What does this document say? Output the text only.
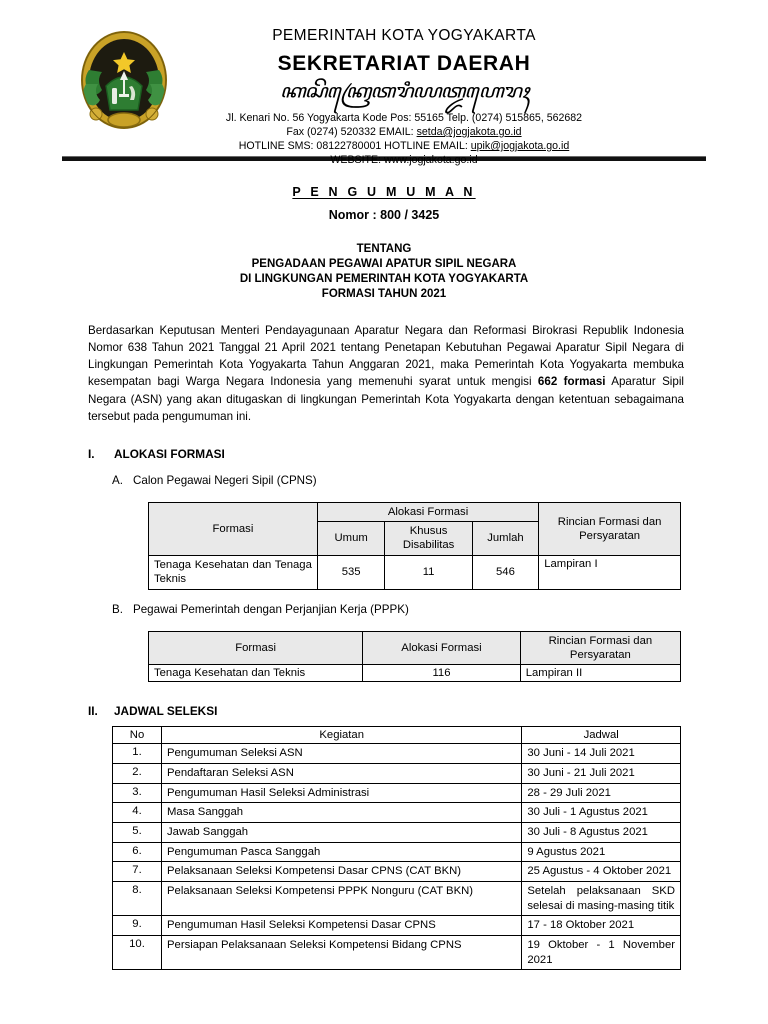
PEMERINTAH KOTA YOGYAKARTA
SEKRETARIAT DAERAH
ꦏꦱꦼꦏꦿꦺꦠꦫꦶꦪꦠ꧀ꦢꦲꦺꦫꦃ
Jl. Kenari No. 56 Yogyakarta Kode Pos: 55165 Telp. (0274) 515865, 562682
Fax (0274) 520332 EMAIL: setda@jogjakota.go.id
HOTLINE SMS: 08122780001 HOTLINE EMAIL: upik@jogjakota.go.id
WEBSITE: www.jogjakota.go.id
P E N G U M U M A N
Nomor : 800 / 3425
TENTANG
PENGADAAN PEGAWAI APATUR SIPIL NEGARA
DI LINGKUNGAN PEMERINTAH KOTA YOGYAKARTA
FORMASI TAHUN 2021

Berdasarkan Keputusan Menteri Pendayagunaan Aparatur Negara dan Reformasi Birokrasi Republik Indonesia Nomor 638 Tahun 2021 Tanggal 21 April 2021 tentang Penetapan Kebutuhan Pegawai Aparatur Sipil Negara di Lingkungan Pemerintah Kota Yogyakarta Tahun Anggaran 2021, maka Pemerintah Kota Yogyakarta membuka kesempatan bagi Warga Negara Indonesia yang memenuhi syarat untuk mengisi 662 formasi Aparatur Sipil Negara (ASN) yang akan ditugaskan di lingkungan Pemerintah Kota Yogyakarta dengan ketentuan sebagaimana tersebut pada pengumuman ini.

I.	ALOKASI FORMASI
A. Calon Pegawai Negeri Sipil (CPNS)
Formasi	Alokasi Formasi			Rincian Formasi dan Persyaratan
	Umum	Khusus Disabilitas	Jumlah	
Tenaga Kesehatan dan Tenaga Teknis	535	11	546	Lampiran I
B. Pegawai Pemerintah dengan Perjanjian Kerja (PPPK)
Formasi	Alokasi Formasi	Rincian Formasi dan Persyaratan
Tenaga Kesehatan dan Teknis	116	Lampiran II
II.	JADWAL SELEKSI
No	Kegiatan	Jadwal
1.	Pengumuman Seleksi ASN	30 Juni - 14 Juli 2021
2.	Pendaftaran Seleksi ASN	30 Juni - 21 Juli 2021
3.	Pengumuman Hasil Seleksi Administrasi	28 - 29 Juli 2021
4.	Masa Sanggah	30 Juli - 1 Agustus 2021
5.	Jawab Sanggah	30 Juli - 8 Agustus 2021
6.	Pengumuman Pasca Sanggah	9 Agustus 2021
7.	Pelaksanaan Seleksi Kompetensi Dasar CPNS (CAT BKN)	25 Agustus - 4 Oktober 2021
8.	Pelaksanaan Seleksi Kompetensi PPPK Nonguru (CAT BKN)	Setelah pelaksanaan SKD selesai di masing-masing titik
9.	Pengumuman Hasil Seleksi Kompetensi Dasar CPNS	17 - 18 Oktober 2021
10.	Persiapan Pelaksanaan Seleksi Kompetensi Bidang CPNS	19 Oktober - 1 November 2021
